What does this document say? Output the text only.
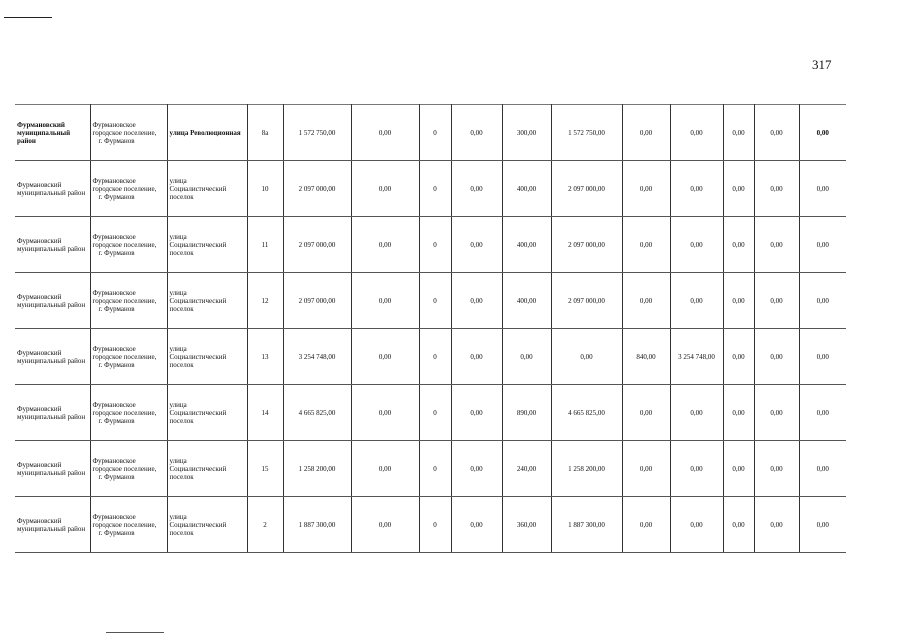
317
Фурмановский муниципальный район	Фурмановское городское поселение,
г. Фурманов	улица Революционная	8а	1 572 750,00	0,00	0	0,00	300,00	1 572 750,00	0,00	0,00	0,00	0,00	0,00
Фурмановский муниципальный район	Фурмановское городское поселение,
г. Фурманов	улица Социалистический поселок	10	2 097 000,00	0,00	0	0,00	400,00	2 097 000,00	0,00	0,00	0,00	0,00	0,00
Фурмановский муниципальный район	Фурмановское городское поселение,
г. Фурманов	улица Социалистический поселок	11	2 097 000,00	0,00	0	0,00	400,00	2 097 000,00	0,00	0,00	0,00	0,00	0,00
Фурмановский муниципальный район	Фурмановское городское поселение,
г. Фурманов	улица Социалистический поселок	12	2 097 000,00	0,00	0	0,00	400,00	2 097 000,00	0,00	0,00	0,00	0,00	0,00
Фурмановский муниципальный район	Фурмановское городское поселение,
г. Фурманов	улица Социалистический поселок	13	3 254 748,00	0,00	0	0,00	0,00	0,00	840,00	3 254 748,00	0,00	0,00	0,00
Фурмановский муниципальный район	Фурмановское городское поселение,
г. Фурманов	улица Социалистический поселок	14	4 665 825,00	0,00	0	0,00	890,00	4 665 825,00	0,00	0,00	0,00	0,00	0,00
Фурмановский муниципальный район	Фурмановское городское поселение,
г. Фурманов	улица Социалистический поселок	15	1 258 200,00	0,00	0	0,00	240,00	1 258 200,00	0,00	0,00	0,00	0,00	0,00
Фурмановский муниципальный район	Фурмановское городское поселение,
г. Фурманов	улица Социалистический поселок	2	1 887 300,00	0,00	0	0,00	360,00	1 887 300,00	0,00	0,00	0,00	0,00	0,00
